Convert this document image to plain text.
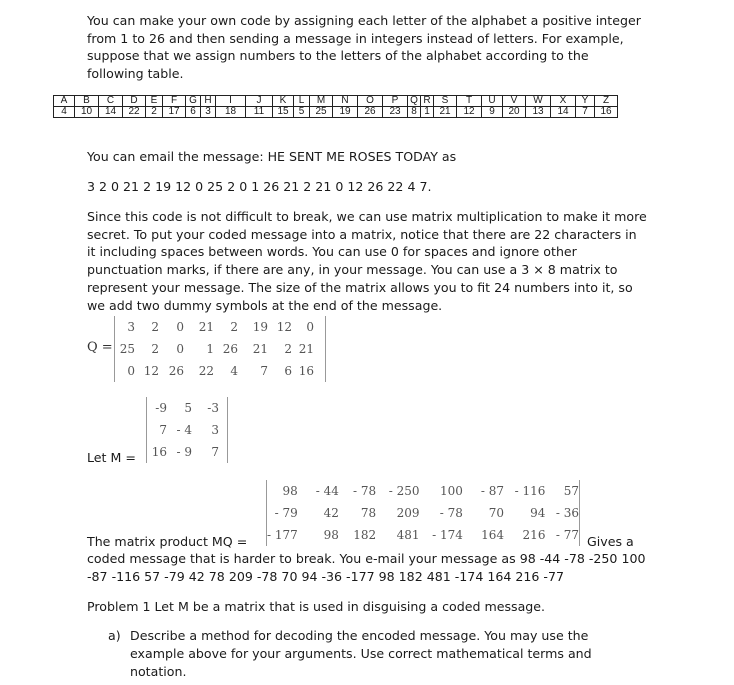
You can make your own code by assigning each letter of the alphabet a positive integer from 1 to 26 and then sending a message in integers instead of letters. For example, suppose that we assign numbers to the letters of the alphabet according to the following table.

A	B	C	D	E	F	G	H	I	J	K	L	M	N	O	P	Q	R	S	T	U	V	W	X	Y	Z
4	10	14	22	2	17	6	3	18	11	15	5	25	19	26	23	8	1	21	12	9	20	13	14	7	16

You can email the message: HE SENT ME ROSES TODAY as

3 2 0 21 2 19 12 0 25 2 0 1 26 21 2 21 0 12 26 22 4 7.

Since this code is not difficult to break, we can use matrix multiplication to make it more secret. To put your coded message into a matrix, notice that there are 22 characters in it including spaces between words. You can use 0 for spaces and ignore other punctuation marks, if there are any, in your message. You can use a 3 × 8 matrix to represent your message. The size of the matrix allows you to fit 24 numbers into it, so we add two dummy symbols at the end of the message.

Q =
3	2	0	21	2	19	12	0
25	2	0	1	26	21	2	21
0	12	26	22	4	7	6	16
-9	5	-3
7	- 4	3
16	- 9	7
Let M =
98	- 44	- 78	- 250	100	- 87	- 116	57
- 79	42	78	209	- 78	70	94	- 36
- 177	98	182	481	- 174	164	216	- 77
The matrix product MQ =	Gives a

coded message that is harder to break. You e-mail your message as 98 -44 -78 -250 100 -87 -116 57 -79 42 78 209 -78 70 94 -36 -177 98 182 481 -174 164 216 -77

Problem 1 Let M be a matrix that is used in disguising a coded message.

a) Describe a method for decoding the encoded message. You may use the example above for your arguments. Use correct mathematical terms and notation.
